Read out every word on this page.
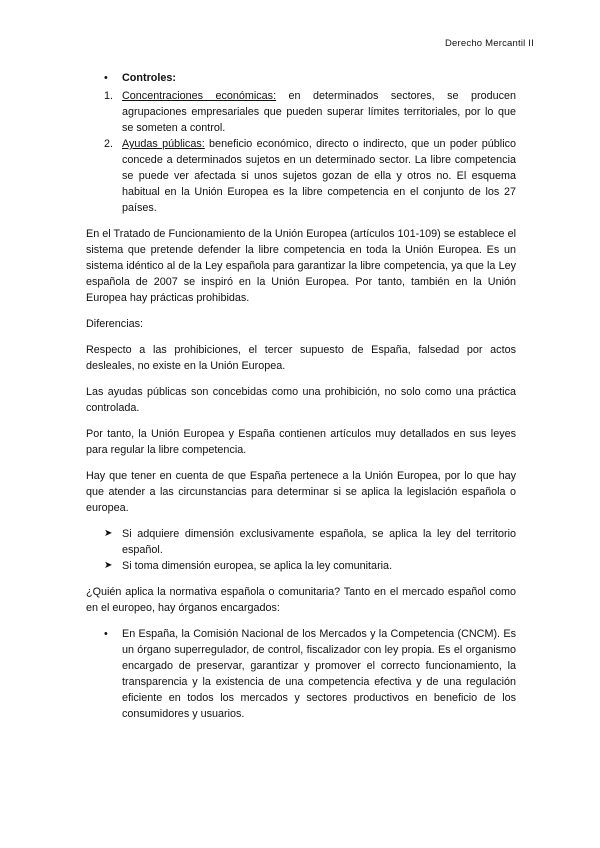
Derecho Mercantil II
• Controles:
1. Concentraciones económicas: en determinados sectores, se producen agrupaciones empresariales que pueden superar límites territoriales, por lo que se someten a control.
2. Ayudas públicas: beneficio económico, directo o indirecto, que un poder público concede a determinados sujetos en un determinado sector. La libre competencia se puede ver afectada si unos sujetos gozan de ella y otros no. El esquema habitual en la Unión Europea es la libre competencia en el conjunto de los 27 países.

En el Tratado de Funcionamiento de la Unión Europea (artículos 101-109) se establece el sistema que pretende defender la libre competencia en toda la Unión Europea. Es un sistema idéntico al de la Ley española para garantizar la libre competencia, ya que la Ley española de 2007 se inspiró en la Unión Europea. Por tanto, también en la Unión Europea hay prácticas prohibidas.

Diferencias:

Respecto a las prohibiciones, el tercer supuesto de España, falsedad por actos desleales, no existe en la Unión Europea.

Las ayudas públicas son concebidas como una prohibición, no solo como una práctica controlada.

Por tanto, la Unión Europea y España contienen artículos muy detallados en sus leyes para regular la libre competencia.

Hay que tener en cuenta de que España pertenece a la Unión Europea, por lo que hay que atender a las circunstancias para determinar si se aplica la legislación española o europea.

➤ Si adquiere dimensión exclusivamente española, se aplica la ley del territorio español.
➤ Si toma dimensión europea, se aplica la ley comunitaria.

¿Quién aplica la normativa española o comunitaria? Tanto en el mercado español como en el europeo, hay órganos encargados:

• En España, la Comisión Nacional de los Mercados y la Competencia (CNCM). Es un órgano superregulador, de control, fiscalizador con ley propia. Es el organismo encargado de preservar, garantizar y promover el correcto funcionamiento, la transparencia y la existencia de una competencia efectiva y de una regulación eficiente en todos los mercados y sectores productivos en beneficio de los consumidores y usuarios.
